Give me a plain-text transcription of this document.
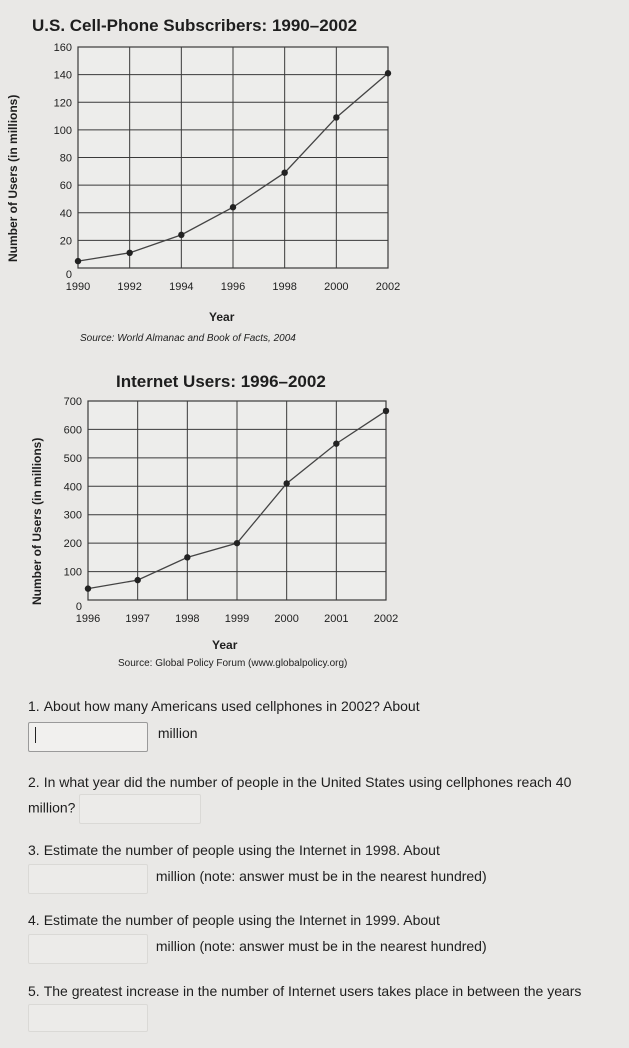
U.S. Cell-Phone Subscribers: 1990–2002
Number of Users (in millions)
1990 1992 1994 1996 1998 2000 2002
0
20
40
60
80
100
120
140
160
Year
Source: World Almanac and Book of Facts, 2004
Internet Users: 1996–2002
Number of Users (in millions)
1996 1997 1998 1999 2000 2001 2002
0
100
200
300
400
500
600
700
Year
Source: Global Policy Forum (www.globalpolicy.org)
1. About how many Americans used cellphones in 2002? About
million
2. In what year did the number of people in the United States using cellphones reach 40 million?
3. Estimate the number of people using the Internet in 1998. About
million (note: answer must be in the nearest hundred)
4. Estimate the number of people using the Internet in 1999. About
million (note: answer must be in the nearest hundred)
5. The greatest increase in the number of Internet users takes place in between the years
